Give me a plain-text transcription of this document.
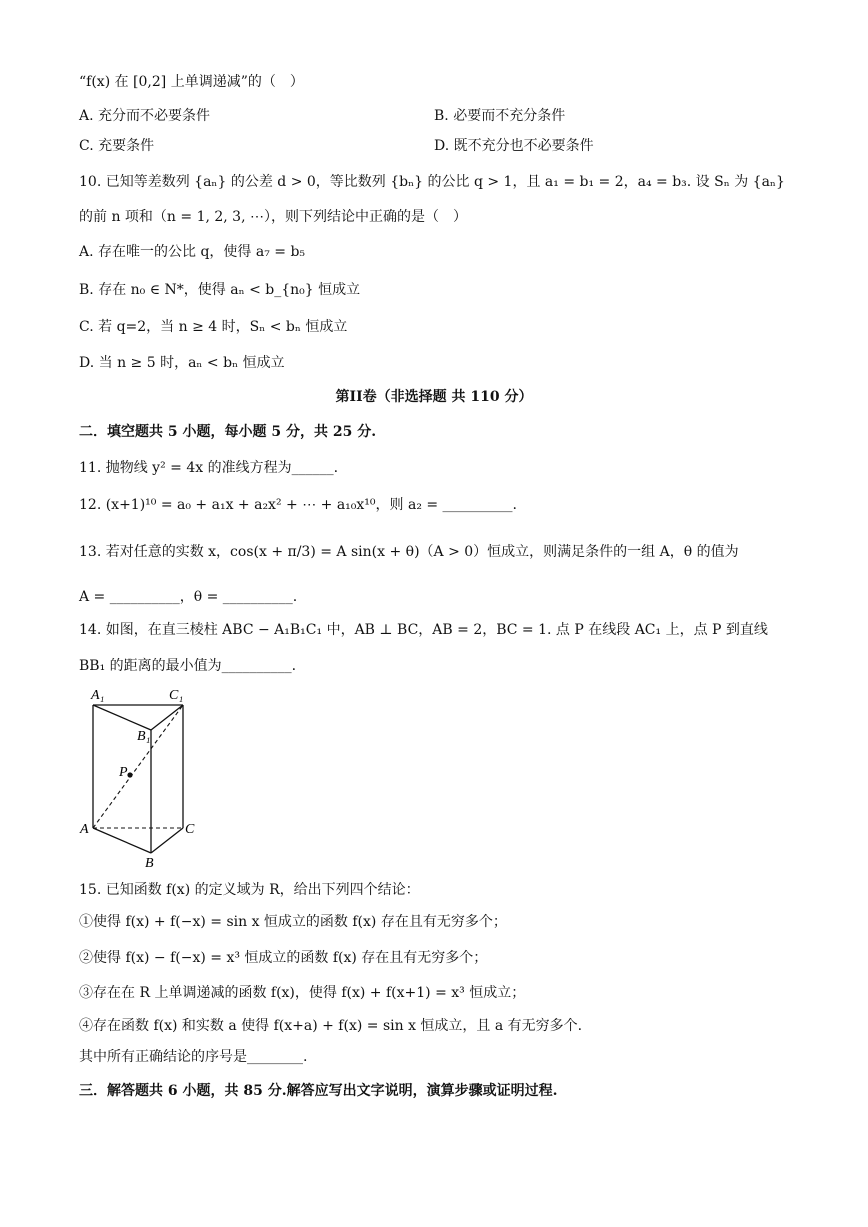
“f(x) 在 [0,2] 上单调递减”的（　）
A. 充分而不必要条件	B. 必要而不充分条件
C. 充要条件	D. 既不充分也不必要条件
10. 已知等差数列 {aₙ} 的公差 d > 0，等比数列 {bₙ} 的公比 q > 1，且 a₁ = b₁ = 2，a₄ = b₃. 设 Sₙ 为 {aₙ}
的前 n 项和（n = 1, 2, 3, ⋯），则下列结论中正确的是（　）
A. 存在唯一的公比 q，使得 a₇ = b₅
B. 存在 n₀ ∈ N*，使得 aₙ < b_{n₀} 恒成立
C. 若 q=2，当 n ≥ 4 时，Sₙ < bₙ 恒成立
D. 当 n ≥ 5 时，aₙ < bₙ 恒成立
第II卷（非选择题 共 110 分）
二．填空题共 5 小题，每小题 5 分，共 25 分.
11. 抛物线 y² = 4x 的准线方程为______.
12. (x+1)¹⁰ = a₀ + a₁x + a₂x² + ⋯ + a₁₀x¹⁰，则 a₂ = __________.
13. 若对任意的实数 x，cos(x + π/3) = A sin(x + θ)（A > 0）恒成立，则满足条件的一组 A，θ 的值为
A = __________，θ = __________.
14. 如图，在直三棱柱 ABC − A₁B₁C₁ 中，AB ⊥ BC，AB = 2，BC = 1. 点 P 在线段 AC₁ 上，点 P 到直线
BB₁ 的距离的最小值为__________.
A₁	C₁
B₁
P
A	C
B
15. 已知函数 f(x) 的定义域为 R，给出下列四个结论：
①使得 f(x) + f(−x) = sin x 恒成立的函数 f(x) 存在且有无穷多个；
②使得 f(x) − f(−x) = x³ 恒成立的函数 f(x) 存在且有无穷多个；
③存在在 R 上单调递减的函数 f(x)，使得 f(x) + f(x+1) = x³ 恒成立；
④存在函数 f(x) 和实数 a 使得 f(x+a) + f(x) = sin x 恒成立，且 a 有无穷多个.
其中所有正确结论的序号是________.
三．解答题共 6 小题，共 85 分.解答应写出文字说明，演算步骤或证明过程.
